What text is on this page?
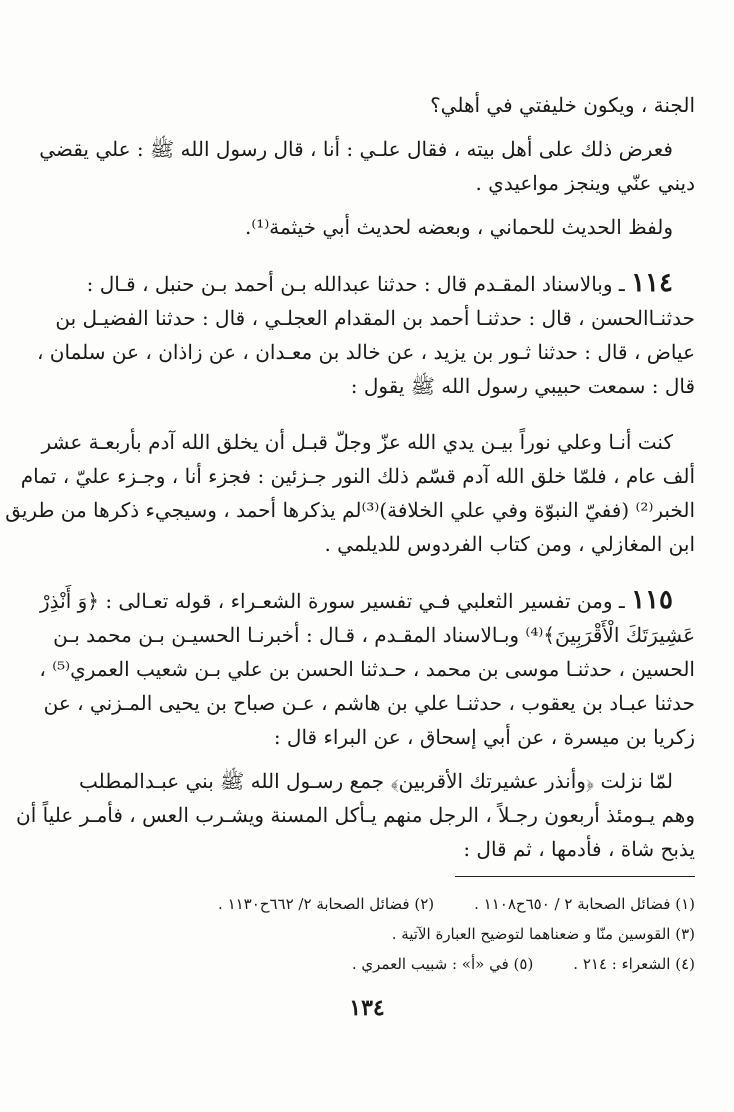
الجنة ، ويكون خليفتي في أهلي؟
فعرض ذلك على أهل بيته ، فقال علـي : أنا ، قال رسول الله ﷺ : علي يقضي
ديني عنّي وينجز مواعيدي .
ولفظ الحديث للحماني ، وبعضه لحديث أبي خيثمة⁽¹⁾.
١١٤ ـ وبالاسناد المقـدم قال : حدثنا عبدالله بـن أحمد بـن حنبل ، قـال :
حدثنـاالحسن ، قال : حدثنـا أحمد بن المقدام العجلـي ، قال : حدثنا الفضيـل بن
عياض ، قال : حدثنا ثـور بن يزيد ، عن خالد بن معـدان ، عن زاذان ، عن سلمان ،
قال : سمعت حبيبي رسول الله ﷺ يقول :
كنت أنـا وعلي نوراً بيـن يدي الله عزّ وجلّ قبـل أن يخلق الله آدم بأربعـة عشر
ألف عام ، فلمّا خلق الله آدم قسّم ذلك النور جـزئين : فجزء أنا ، وجـزء عليّ ، تمام
الخبر⁽²⁾ (ففيّ النبوّة وفي علي الخلافة)⁽³⁾لم يذكرها أحمد ، وسيجيء ذكرها من طريق
ابن المغازلي ، ومن كتاب الفردوس للديلمي .
١١٥ ـ ومن تفسير الثعلبي فـي تفسير سورة الشعـراء ، قوله تعـالى : ﴿وَ أَنْذِرْ
عَشِيرَتَكَ الْأَقْرَبِينَ﴾⁽⁴⁾ وبـالاسناد المقـدم ، قـال : أخبرنـا الحسيـن بـن محمد بـن
الحسين ، حدثنـا موسى بن محمد ، حـدثنا الحسن بن علي بـن شعيب العمري⁽⁵⁾ ،
حدثنا عبـاد بن يعقوب ، حدثنـا علي بن هاشم ، عـن صباح بن يحيى المـزني ، عن
زكريا بن ميسرة ، عن أبي إسحاق ، عن البراء قال :
لمّا نزلت ﴿وأنذر عشيرتك الأقربين﴾ جمع رسـول الله ﷺ بني عبـدالمطلب
وهم يـومئذ أربعون رجـلاً ، الرجل منهم يـأكل المسنة ويشـرب العس ، فأمـر علياً أن
يذبح شاة ، فأدمها ، ثم قال :
(١) فضائل الصحابة ٢ / ٦٥٠ح١١٠٨ .
(٢) فضائل الصحابة ٢/ ٦٦٢ح١١٣٠ .
(٣) القوسين منّا و ضعناهما لتوضيح العبارة الآتية .
(٤) الشعراء : ٢١٤ .
(٥) في «أ» : شبيب العمري .
١٣٤
